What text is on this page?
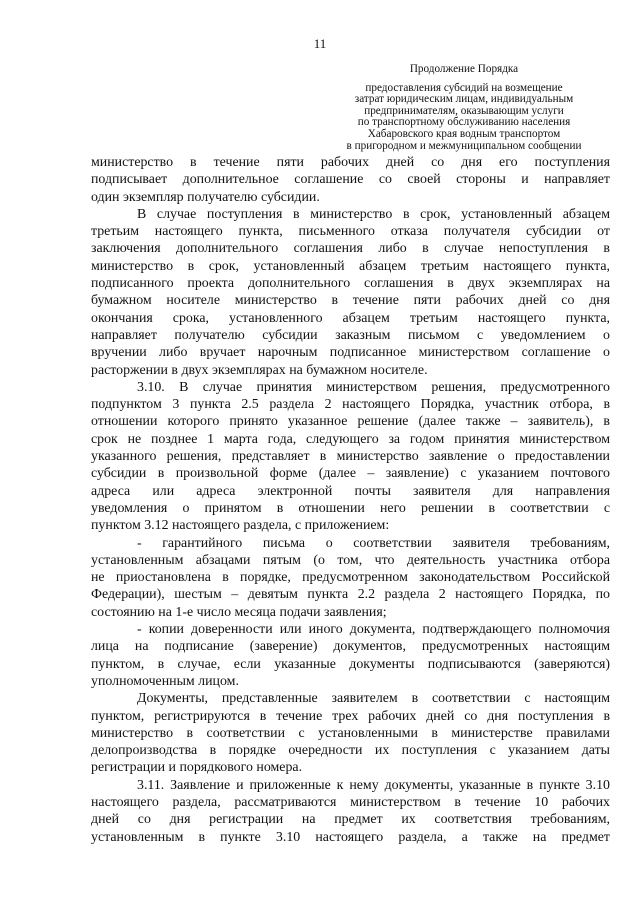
11
Продолжение Порядка
предоставления субсидий на возмещение
затрат юридическим лицам, индивидуальным
предпринимателям, оказывающим услуги
по транспортному обслуживанию населения
Хабаровского края водным транспортом
в пригородном и межмуниципальном сообщении

министерство в течение пяти рабочих дней со дня его поступления
подписывает дополнительное соглашение со своей стороны и направляет
один экземпляр получателю субсидии.

В случае поступления в министерство в срок, установленный абзацем
третьим настоящего пункта, письменного отказа получателя субсидии от
заключения дополнительного соглашения либо в случае непоступления в
министерство в срок, установленный абзацем третьим настоящего пункта,
подписанного проекта дополнительного соглашения в двух экземплярах на
бумажном носителе министерство в течение пяти рабочих дней со дня
окончания срока, установленного абзацем третьим настоящего пункта,
направляет получателю субсидии заказным письмом с уведомлением о
вручении либо вручает нарочным подписанное министерством соглашение о
расторжении в двух экземплярах на бумажном носителе.

3.10. В случае принятия министерством решения, предусмотренного
подпунктом 3 пункта 2.5 раздела 2 настоящего Порядка, участник отбора, в
отношении которого принято указанное решение (далее также – заявитель), в
срок не позднее 1 марта года, следующего за годом принятия министерством
указанного решения, представляет в министерство заявление о предоставлении
субсидии в произвольной форме (далее – заявление) с указанием почтового
адреса или адреса электронной почты заявителя для направления
уведомления о принятом в отношении него решении в соответствии с
пунктом 3.12 настоящего раздела, с приложением:

- гарантийного письма о соответствии заявителя требованиям,
установленным абзацами пятым (о том, что деятельность участника отбора
не приостановлена в порядке, предусмотренном законодательством Российской
Федерации), шестым – девятым пункта 2.2 раздела 2 настоящего Порядка, по
состоянию на 1-е число месяца подачи заявления;

- копии доверенности или иного документа, подтверждающего полномочия
лица на подписание (заверение) документов, предусмотренных настоящим
пунктом, в случае, если указанные документы подписываются (заверяются)
уполномоченным лицом.

Документы, представленные заявителем в соответствии с настоящим
пунктом, регистрируются в течение трех рабочих дней со дня поступления в
министерство в соответствии с установленными в министерстве правилами
делопроизводства в порядке очередности их поступления с указанием даты
регистрации и порядкового номера.

3.11. Заявление и приложенные к нему документы, указанные в пункте 3.10
настоящего раздела, рассматриваются министерством в течение 10 рабочих
дней со дня регистрации на предмет их соответствия требованиям,
установленным в пункте 3.10 настоящего раздела, а также на предмет
